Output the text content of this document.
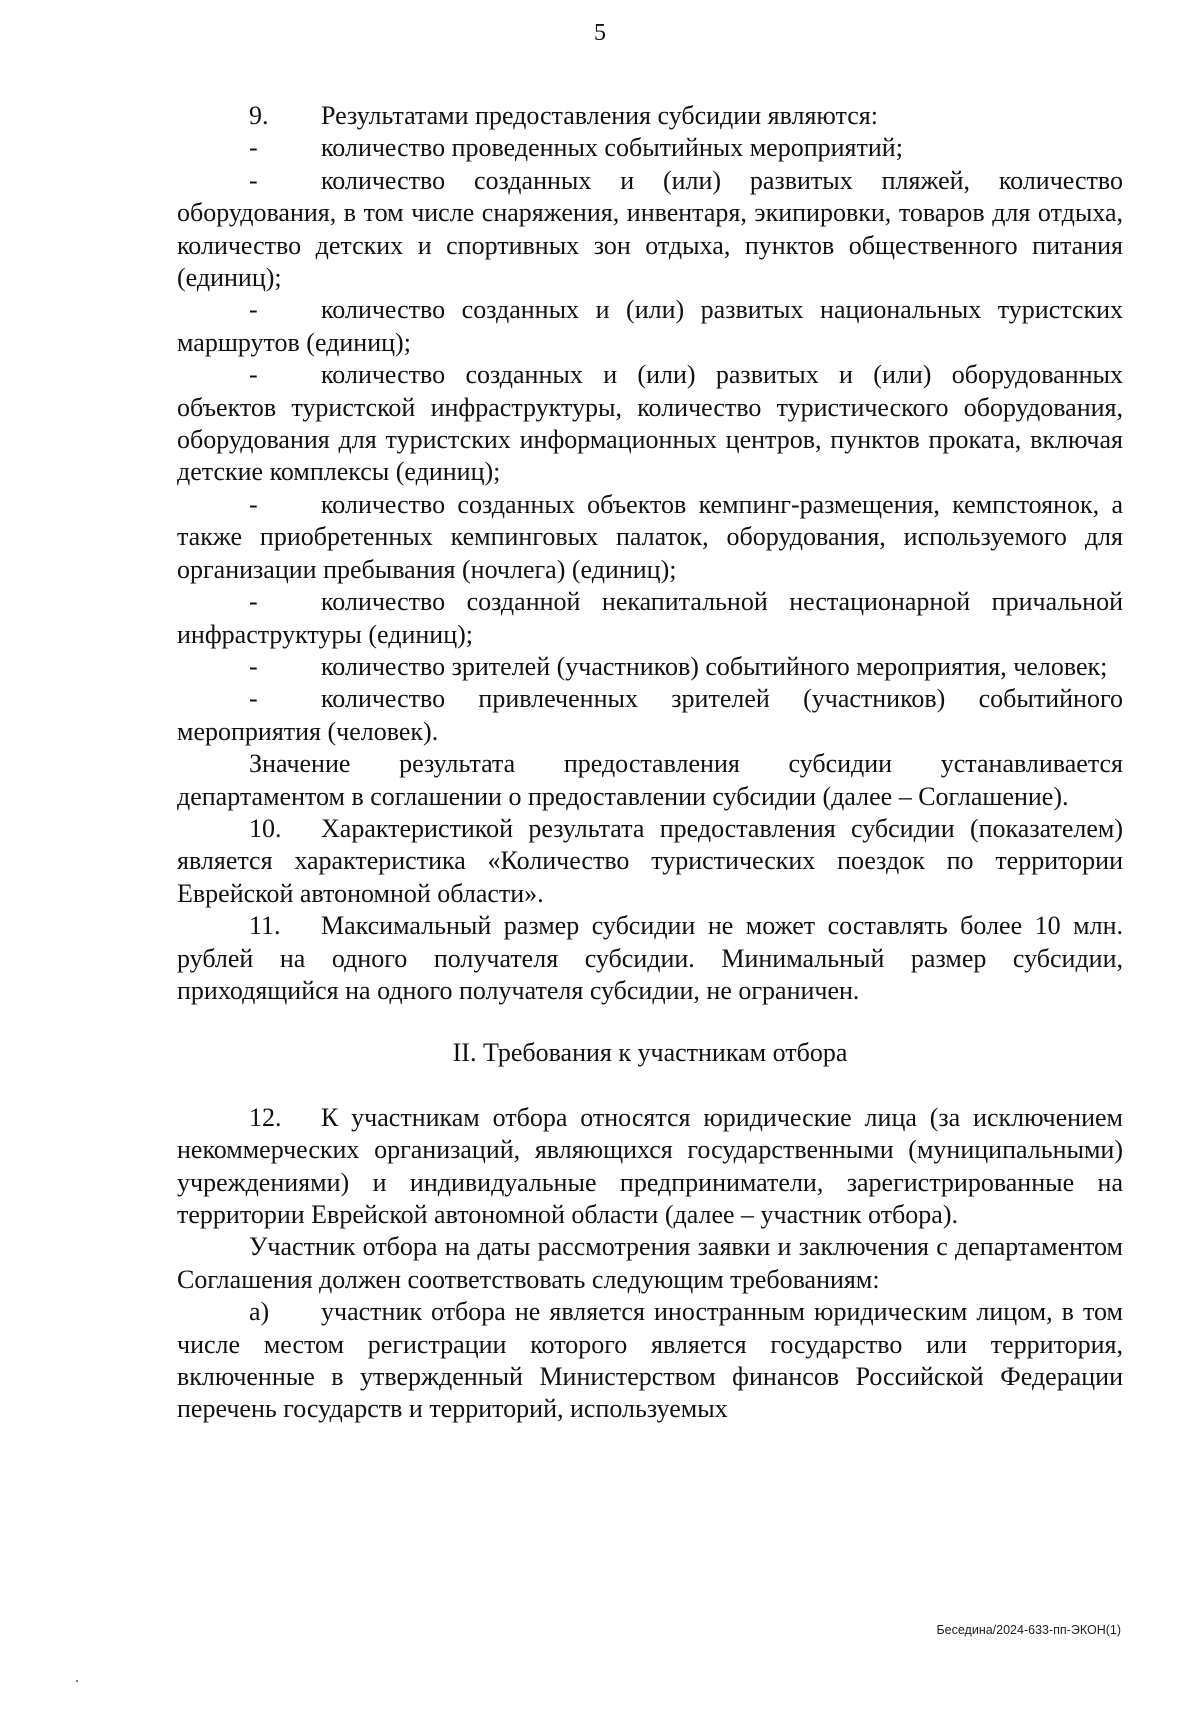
5

9. Результатами предоставления субсидии являются:

- количество проведенных событийных мероприятий;

- количество созданных и (или) развитых пляжей, количество оборудования, в том числе снаряжения, инвентаря, экипировки, товаров для отдыха, количество детских и спортивных зон отдыха, пунктов общественного питания (единиц);

- количество созданных и (или) развитых национальных туристских маршрутов (единиц);

- количество созданных и (или) развитых и (или) оборудованных объектов туристской инфраструктуры, количество туристического оборудования, оборудования для туристских информационных центров, пунктов проката, включая детские комплексы (единиц);

- количество созданных объектов кемпинг-размещения, кемпстоянок, а также приобретенных кемпинговых палаток, оборудования, используемого для организации пребывания (ночлега) (единиц);

- количество созданной некапитальной нестационарной причальной инфраструктуры (единиц);

- количество зрителей (участников) событийного мероприятия, человек;

- количество привлеченных зрителей (участников) событийного мероприятия (человек).

Значение результата предоставления субсидии устанавливается департаментом в соглашении о предоставлении субсидии (далее – Соглашение).

10. Характеристикой результата предоставления субсидии (показателем) является характеристика «Количество туристических поездок по территории Еврейской автономной области».

11. Максимальный размер субсидии не может составлять более 10 млн. рублей на одного получателя субсидии. Минимальный размер субсидии, приходящийся на одного получателя субсидии, не ограничен.

II. Требования к участникам отбора

12. К участникам отбора относятся юридические лица (за исключением некоммерческих организаций, являющихся государственными (муниципальными) учреждениями) и индивидуальные предприниматели, зарегистрированные на территории Еврейской автономной области (далее – участник отбора).

Участник отбора на даты рассмотрения заявки и заключения с департаментом Соглашения должен соответствовать следующим требованиям:

а) участник отбора не является иностранным юридическим лицом, в том числе местом регистрации которого является государство или территория, включенные в утвержденный Министерством финансов Российской Федерации перечень государств и территорий, используемых

Беседина/2024-633-пп-ЭКОН(1)
